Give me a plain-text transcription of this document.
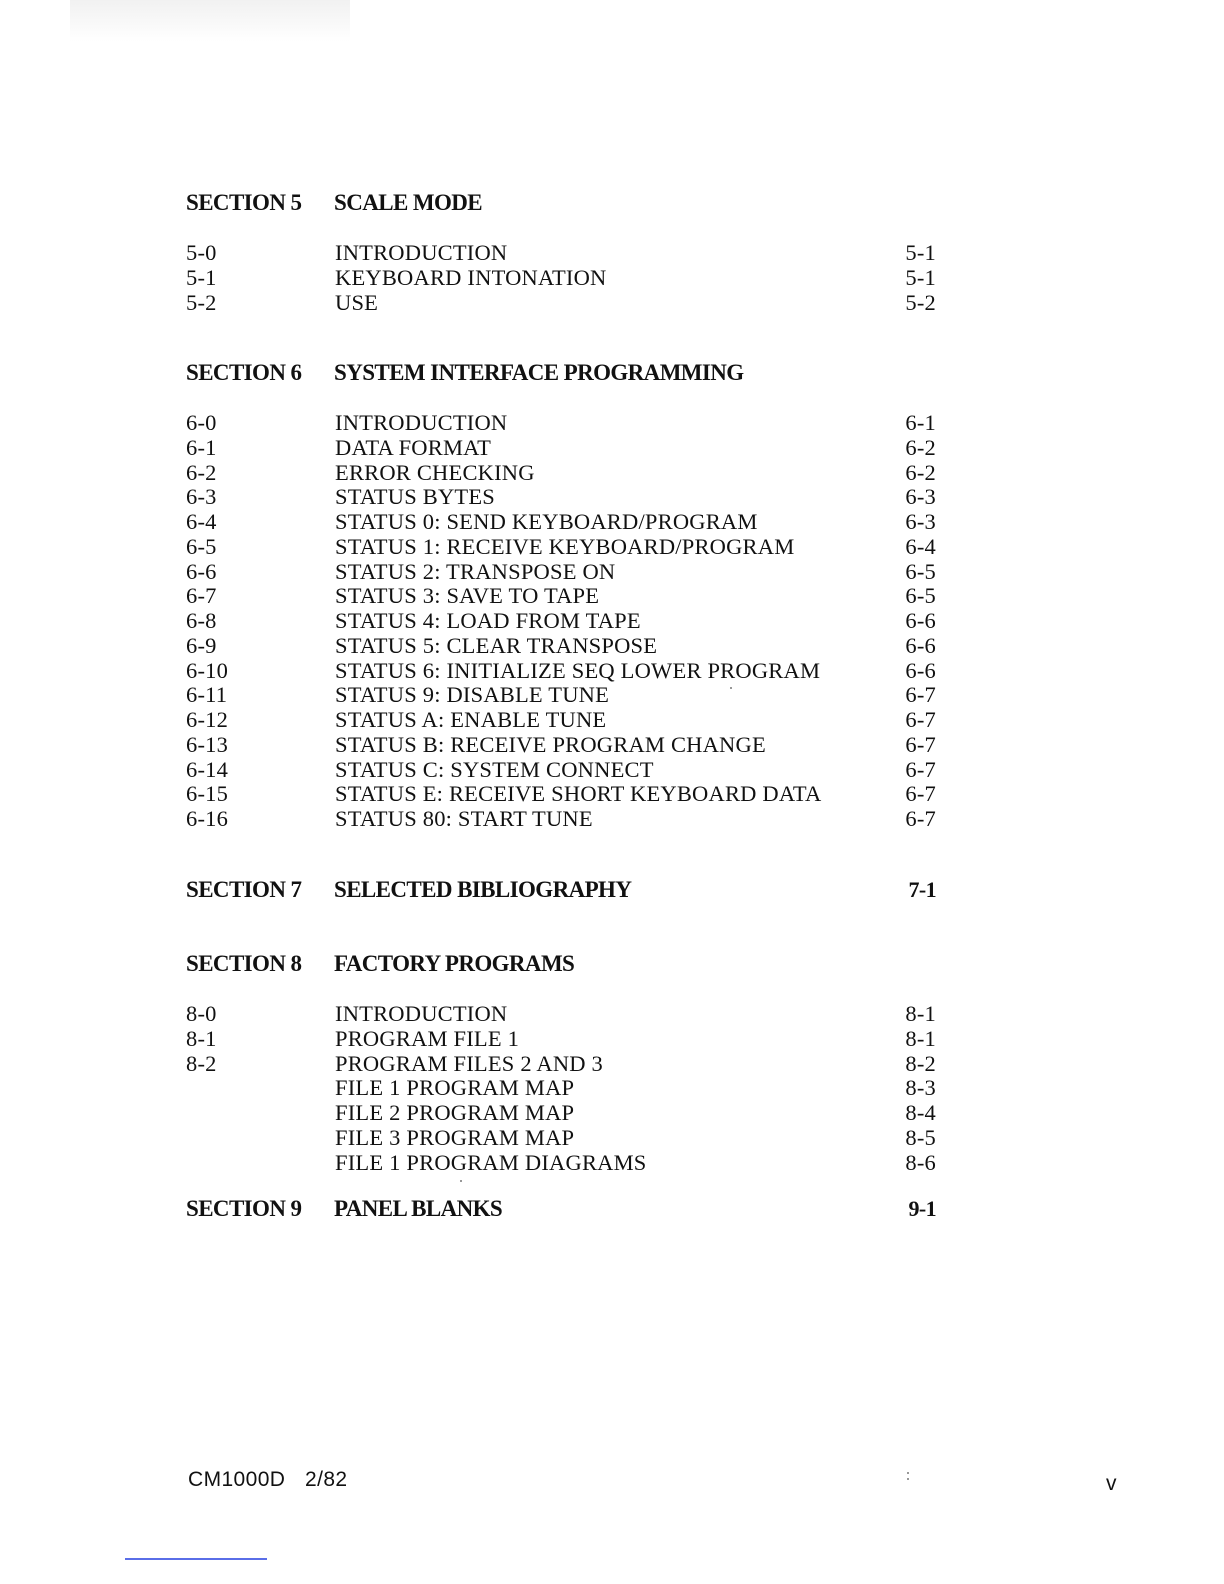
SECTION 5 SCALE MODE
5-0	INTRODUCTION	5-1
5-1	KEYBOARD INTONATION	5-1
5-2	USE	5-2
SECTION 6 SYSTEM INTERFACE PROGRAMMING
6-0	INTRODUCTION	6-1
6-1	DATA FORMAT	6-2
6-2	ERROR CHECKING	6-2
6-3	STATUS BYTES	6-3
6-4	STATUS 0: SEND KEYBOARD/PROGRAM	6-3
6-5	STATUS 1: RECEIVE KEYBOARD/PROGRAM	6-4
6-6	STATUS 2: TRANSPOSE ON	6-5
6-7	STATUS 3: SAVE TO TAPE	6-5
6-8	STATUS 4: LOAD FROM TAPE	6-6
6-9	STATUS 5: CLEAR TRANSPOSE	6-6
6-10	STATUS 6: INITIALIZE SEQ LOWER PROGRAM	6-6
6-11	STATUS 9: DISABLE TUNE	6-7
6-12	STATUS A: ENABLE TUNE	6-7
6-13	STATUS B: RECEIVE PROGRAM CHANGE	6-7
6-14	STATUS C: SYSTEM CONNECT	6-7
6-15	STATUS E: RECEIVE SHORT KEYBOARD DATA	6-7
6-16	STATUS 80: START TUNE	6-7
SECTION 7 SELECTED BIBLIOGRAPHY	7-1
SECTION 8 FACTORY PROGRAMS
8-0	INTRODUCTION	8-1
8-1	PROGRAM FILE 1	8-1
8-2	PROGRAM FILES 2 AND 3	8-2
FILE 1 PROGRAM MAP	8-3
FILE 2 PROGRAM MAP	8-4
FILE 3 PROGRAM MAP	8-5
FILE 1 PROGRAM DIAGRAMS	8-6
SECTION 9 PANEL BLANKS	9-1
CM1000D 2/82	v
